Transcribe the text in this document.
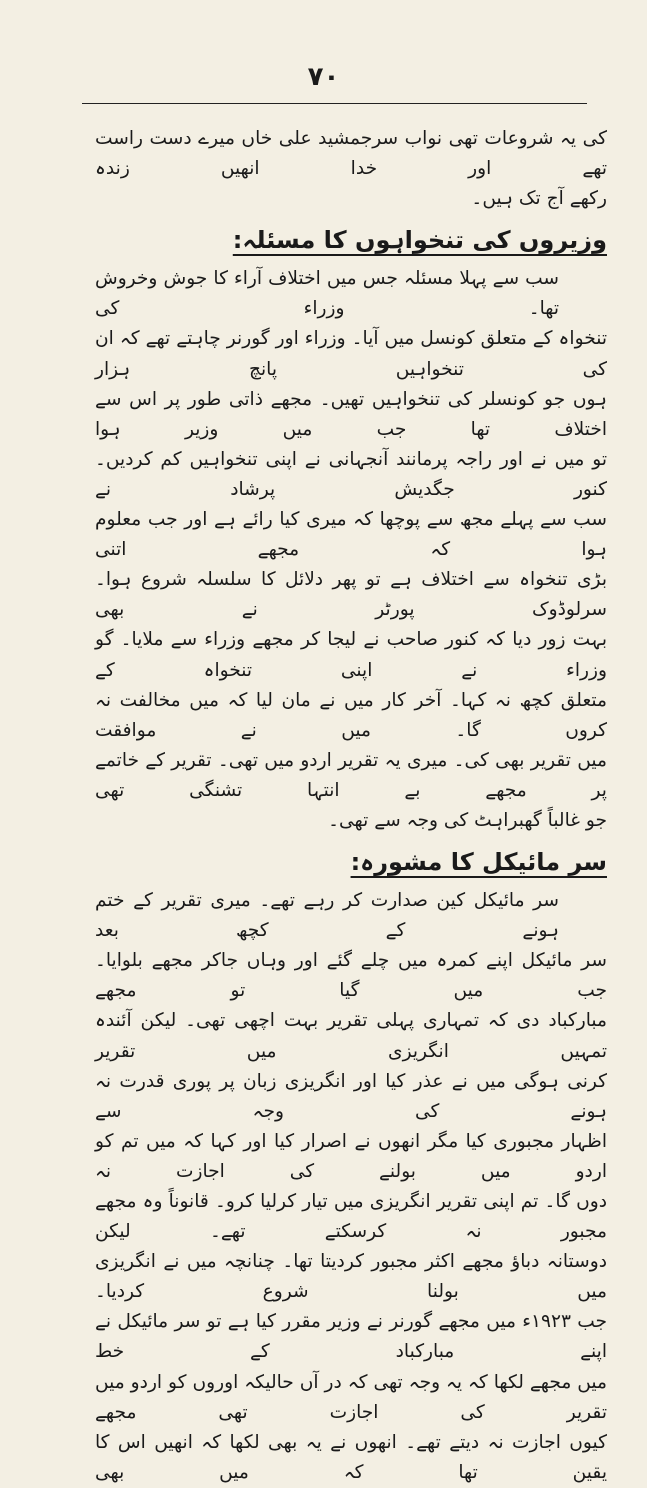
۷۰

کی یہ شروعات تھی نواب سرجمشید علی خاں میرے دست راست تھے اور خدا انھیں زندہ

رکھے آج تک ہیں۔

وزیروں کی تنخواہوں کا مسئلہ:

سب سے پہلا مسئلہ جس میں اختلاف آراء کا جوش وخروش تھا۔ وزراء کی

تنخواہ کے متعلق کونسل میں آیا۔ وزراء اور گورنر چاہتے تھے کہ ان کی تنخواہیں پانچ ہزار

ہوں جو کونسلر کی تنخواہیں تھیں۔ مجھے ذاتی طور پر اس سے اختلاف تھا جب میں وزیر ہوا

تو میں نے اور راجہ پرمانند آنجہانی نے اپنی تنخواہیں کم کردیں۔ کنور جگدیش پرشاد نے

سب سے پہلے مجھ سے پوچھا کہ میری کیا رائے ہے اور جب معلوم ہوا کہ مجھے اتنی

بڑی تنخواہ سے اختلاف ہے تو پھر دلائل کا سلسلہ شروع ہوا۔ سرلوڈوک پورٹر نے بھی

بہت زور دیا کہ کنور صاحب نے لیجا کر مجھے وزراء سے ملایا۔ گو وزراء نے اپنی تنخواہ کے

متعلق کچھ نہ کہا۔ آخر کار میں نے مان لیا کہ میں مخالفت نہ کروں گا۔ میں نے موافقت

میں تقریر بھی کی۔ میری یہ تقریر اردو میں تھی۔ تقریر کے خاتمے پر مجھے بے انتہا تشنگی تھی

جو غالباً گھبراہٹ کی وجہ سے تھی۔

سر مائیکل کا مشورہ:

سر مائیکل کین صدارت کر رہے تھے۔ میری تقریر کے ختم ہونے کے کچھ بعد

سر مائیکل اپنے کمرہ میں چلے گئے اور وہاں جاکر مجھے بلوایا۔ جب میں گیا تو مجھے

مبارکباد دی کہ تمہاری پہلی تقریر بہت اچھی تھی۔ لیکن آئندہ تمہیں انگریزی میں تقریر

کرنی ہوگی میں نے عذر کیا اور انگریزی زبان پر پوری قدرت نہ ہونے کی وجہ سے

اظہار مجبوری کیا مگر انھوں نے اصرار کیا اور کہا کہ میں تم کو اردو میں بولنے کی اجازت نہ

دوں گا۔ تم اپنی تقریر انگریزی میں تیار کرلیا کرو۔ قانوناً وہ مجھے مجبور نہ کرسکتے تھے۔ لیکن

دوستانہ دباؤ مجھے اکثر مجبور کردیتا تھا۔ چنانچہ میں نے انگریزی میں بولنا شروع کردیا۔

جب ۱۹۲۳ء میں مجھے گورنر نے وزیر مقرر کیا ہے تو سر مائیکل نے اپنے مبارکباد کے خط

میں مجھے لکھا کہ یہ وجہ تھی کہ در آں حالیکہ اوروں کو اردو میں تقریر کی اجازت تھی مجھے

کیوں اجازت نہ دیتے تھے۔ انھوں نے یہ بھی لکھا کہ انھیں اس کا یقین تھا کہ میں بھی
